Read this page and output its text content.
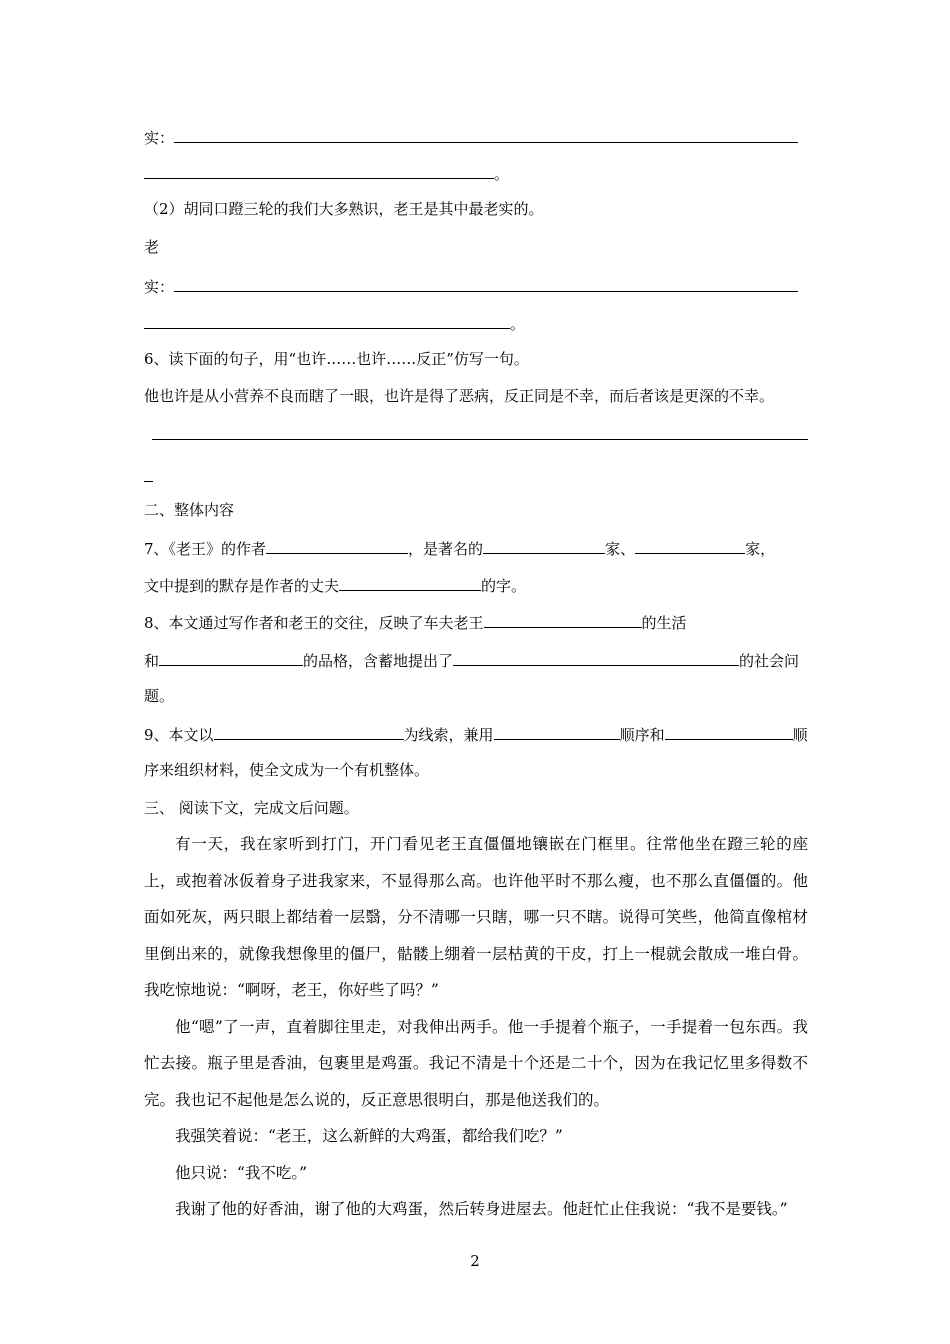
实：
。
（2）胡同口蹬三轮的我们大多熟识，老王是其中最老实的。
老
实：
。
6、读下面的句子，用“也许……也许……反正”仿写一句。
他也许是从小营养不良而瞎了一眼，也许是得了恶病，反正同是不幸，而后者该是更深的不幸。
二、整体内容
7、《老王》的作者	，是著名的	家、	家，
文中提到的默存是作者的丈夫	的字。
8、本文通过写作者和老王的交往，反映了车夫老王	的生活
和	的品格，含蓄地提出了	的社会问
题。
9、本文以	为线索，兼用	顺序和	顺
序来组织材料，使全文成为一个有机整体。
三、 阅读下文，完成文后问题。

有一天，我在家听到打门，开门看见老王直僵僵地镶嵌在门框里。往常他坐在蹬三轮的座上，或抱着冰仮着身子进我家来，不显得那么高。也许他平时不那么瘦，也不那么直僵僵的。他面如死灰，两只眼上都结着一层翳，分不清哪一只瞎，哪一只不瞎。说得可笑些，他简直像棺材里倒出来的，就像我想像里的僵尸，骷髅上绷着一层枯黄的干皮，打上一棍就会散成一堆白骨。我吃惊地说：“啊呀，老王，你好些了吗？”

他“嗯”了一声，直着脚往里走，对我伸出两手。他一手提着个瓶子，一手提着一包东西。我忙去接。瓶子里是香油，包裹里是鸡蛋。我记不清是十个还是二十个，因为在我记忆里多得数不完。我也记不起他是怎么说的，反正意思很明白，那是他送我们的。

我强笑着说：“老王，这么新鲜的大鸡蛋，都给我们吃？”

他只说：“我不吃。”

我谢了他的好香油，谢了他的大鸡蛋，然后转身进屋去。他赶忙止住我说：“我不是要钱。”

2
